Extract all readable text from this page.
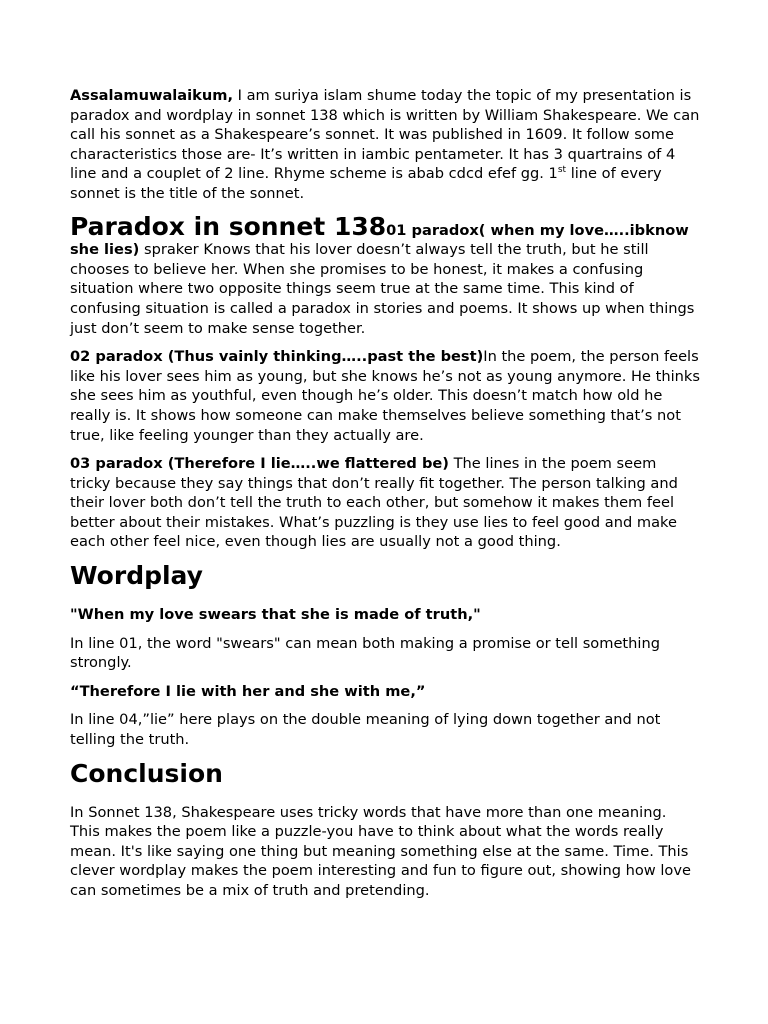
Assalamuwalaikum, I am suriya islam shume today the topic of my presentation is paradox and wordplay in sonnet 138 which is written by William Shakespeare. We can call his sonnet as a Shakespeare’s sonnet. It was published in 1609. It follow some characteristics those are- It’s written in iambic pentameter. It has 3 quartrains of 4 line and a couplet of 2 line. Rhyme scheme is abab cdcd efef gg. 1st line of every sonnet is the title of the sonnet.

Paradox in sonnet 13801 paradox( when my love…..ibknow she lies) spraker Knows that his lover doesn’t always tell the truth, but he still chooses to believe her. When she promises to be honest, it makes a confusing situation where two opposite things seem true at the same time. This kind of confusing situation is called a paradox in stories and poems. It shows up when things just don’t seem to make sense together.

02 paradox (Thus vainly thinking…..past the best)In the poem, the person feels like his lover sees him as young, but she knows he’s not as young anymore. He thinks she sees him as youthful, even though he’s older. This doesn’t match how old he really is. It shows how someone can make themselves believe something that’s not true, like feeling younger than they actually are.

03 paradox (Therefore I lie…..we flattered be) The lines in the poem seem tricky because they say things that don’t really fit together. The person talking and their lover both don’t tell the truth to each other, but somehow it makes them feel better about their mistakes. What’s puzzling is they use lies to feel good and make each other feel nice, even though lies are usually not a good thing.

Wordplay

"When my love swears that she is made of truth,"

In line 01, the word "swears" can mean both making a promise or tell something strongly.

“Therefore I lie with her and she with me,”

In line 04,”lie” here plays on the double meaning of lying down together and not telling the truth.

Conclusion

In Sonnet 138, Shakespeare uses tricky words that have more than one meaning. This makes the poem like a puzzle-you have to think about what the words really mean. It's like saying one thing but meaning something else at the same. Time. This clever wordplay makes the poem interesting and fun to figure out, showing how love can sometimes be a mix of truth and pretending.
